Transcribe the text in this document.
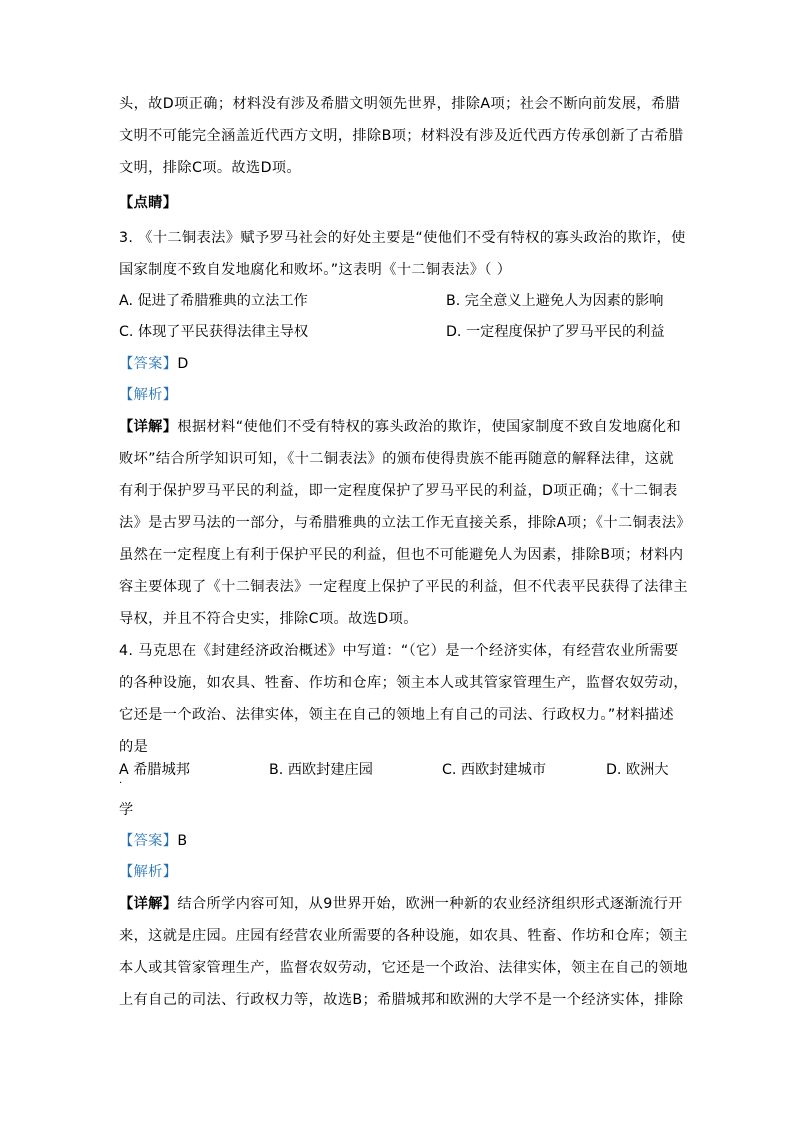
头，故D项正确；材料没有涉及希腊文明领先世界，排除A项；社会不断向前发展，希腊
文明不可能完全涵盖近代西方文明，排除B项；材料没有涉及近代西方传承创新了古希腊
文明，排除C项。故选D项。
【点睛】
3. 《十二铜表法》赋予罗马社会的好处主要是“使他们不受有特权的寡头政治的欺诈，使
国家制度不致自发地腐化和败坏。”这表明《十二铜表法》（ ）
A. 促进了希腊雅典的立法工作	B. 完全意义上避免人为因素的影响
C. 体现了平民获得法律主导权	D. 一定程度保护了罗马平民的利益
【答案】D
【解析】
【详解】根据材料“使他们不受有特权的寡头政治的欺诈，使国家制度不致自发地腐化和
败坏”结合所学知识可知，《十二铜表法》的颁布使得贵族不能再随意的解释法律，这就
有利于保护罗马平民的利益，即一定程度保护了罗马平民的利益，D项正确；《十二铜表
法》是古罗马法的一部分，与希腊雅典的立法工作无直接关系，排除A项；《十二铜表法》
虽然在一定程度上有利于保护平民的利益，但也不可能避免人为因素，排除B项；材料内
容主要体现了《十二铜表法》一定程度上保护了平民的利益，但不代表平民获得了法律主
导权，并且不符合史实，排除C项。故选D项。
4. 马克思在《封建经济政治概述》中写道：“（它）是一个经济实体，有经营农业所需要
的各种设施，如农具、牲畜、作坊和仓库；领主本人或其管家管理生产，监督农奴劳动，
它还是一个政治、法律实体，领主在自己的领地上有自己的司法、行政权力。”材料描述
的是
A 希腊城邦
·
B. 西欧封建庄园	C. 西欧封建城市	D. 欧洲大
学
【答案】B
【解析】
【详解】结合所学内容可知，从9世界开始，欧洲一种新的农业经济组织形式逐渐流行开
来，这就是庄园。庄园有经营农业所需要的各种设施，如农具、牲畜、作坊和仓库；领主
本人或其管家管理生产，监督农奴劳动，它还是一个政治、法律实体，领主在自己的领地
上有自己的司法、行政权力等，故选B；希腊城邦和欧洲的大学不是一个经济实体，排除
